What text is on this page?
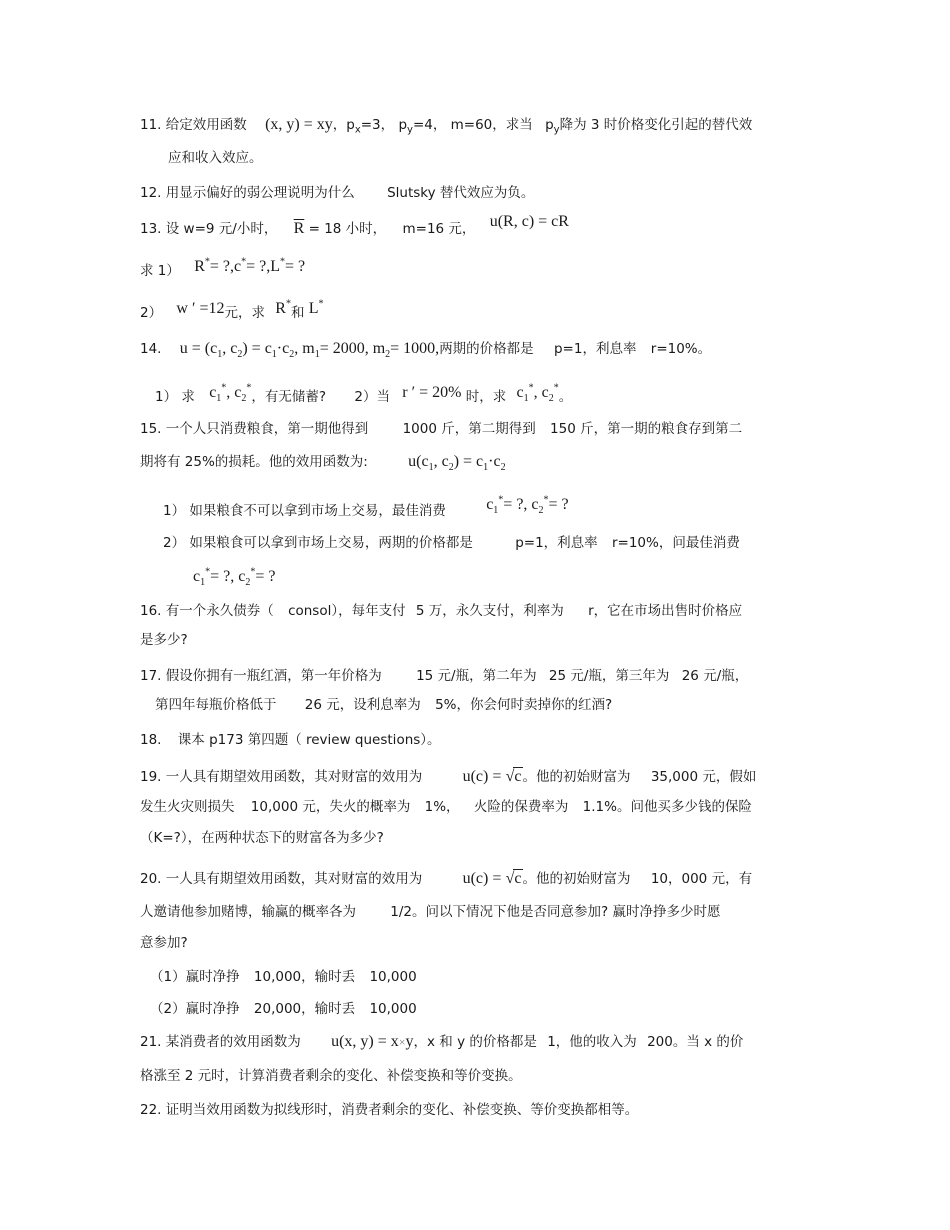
11. 给定效用函数 (x, y) = xy，$p_x=3$， $p_y=4$， m=60，求当 $p_y$降为 3 时价格变化引起的替代效
应和收入效应。
12. 用显示偏好的弱公理说明为什么 Slutsky 替代效应为负。
13. 设 w=9 元/小时， $\overline{R} = 18$ 小时， m=16 元， u(R, c) = cR
求 1） R*= ?,c*= ?,L*= ?
2） w ′ =12元，求 R*和 L*
14. $u = (c_1$, $c_2) = c_1\cdot c_2$, $m_1= 2000$, $m_2= 1000$,两期的价格都是 p=1，利息率 r=10%。
1） 求 $c_1^*$, $c_2^*$，有无储蓄? 2）当 r ′ = 20% 时，求 $c_1^*$, $c_2^*$。
15. 一个人只消费粮食，第一期他得到	1000 斤，第二期得到 150 斤，第一期的粮食存到第二
期将有 25%的损耗。他的效用函数为:	$u(c_1$, $c_2) = c_1\cdot c_2$
1） 如果粮食不可以拿到市场上交易，最佳消费	$c_1^*=$ ?, $c_2^*=$ ?
2） 如果粮食可以拿到市场上交易，两期的价格都是	p=1，利息率 r=10%，问最佳消费
$c_1^*=$ ?, $c_2^*=$ ?
16. 有一个永久债券（ consol），每年支付 5 万，永久支付，利率为 r，它在市场出售时价格应
是多少?
17. 假设你拥有一瓶红酒，第一年价格为	15 元/瓶，第二年为 25 元/瓶，第三年为 26 元/瓶，
第四年每瓶价格低于 26 元，设利息率为 5%，你会何时卖掉你的红酒?
18. 课本 p173 第四题（ review questions）。
19. 一人具有期望效用函数，其对财富的效用为	u(c) = √c。他的初始财富为 35,000 元，假如
发生火灾则损失 10,000 元，失火的概率为 1%， 火险的保费率为 1.1%。问他买多少钱的保险
（K=?），在两种状态下的财富各为多少?
20. 一人具有期望效用函数，其对财富的效用为	u(c) = √c。他的初始财富为 10，000 元，有
人邀请他参加赌博，输赢的概率各为	1/2。问以下情况下他是否同意参加? 赢时净挣多少时愿
意参加?
（1）赢时净挣 10,000，输时丢 10,000
（2）赢时净挣 20,000，输时丢 10,000
21. 某消费者的效用函数为 u(x, y) = x×y，x 和 y 的价格都是 1，他的收入为 200。当 x 的价
格涨至 2 元时，计算消费者剩余的变化、补偿变换和等价变换。
22. 证明当效用函数为拟线形时，消费者剩余的变化、补偿变换、等价变换都相等。
